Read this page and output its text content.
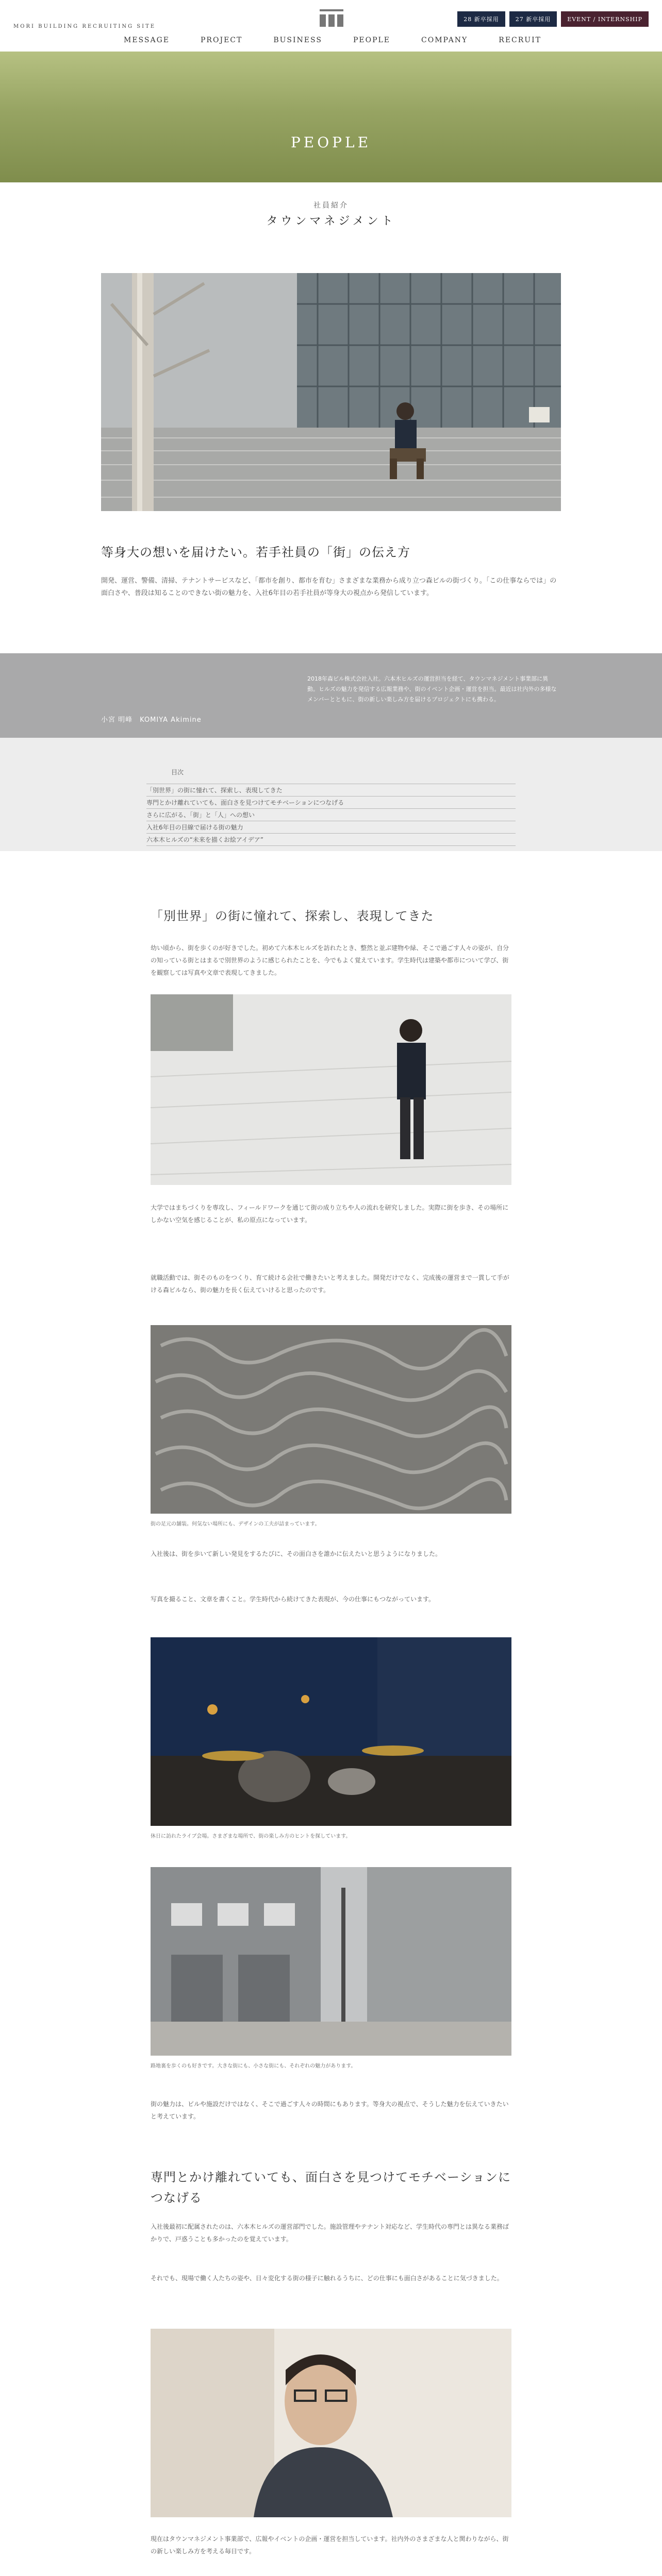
MORI BUILDING RECRUITING SITE
MESSAGE	PROJECT	BUSINESS	PEOPLE	COMPANY	RECRUIT
28 新卒採用	27 新卒採用	EVENT / INTERNSHIP
PEOPLE
社員紹介
タウンマネジメント
等身大の想いを届けたい。若手社員の「街」の伝え方
開発、運営、警備、清掃、テナントサービスなど、「都市を創り、都市を育む」さまざまな業務から成り立つ森ビルの街づくり。「この仕事ならでは」の面白さや、普段は知ることのできない街の魅力を、入社6年目の若手社員が等身大の視点から発信しています。
小宮 明峰　KOMIYA Akimine
2018年森ビル株式会社入社。六本木ヒルズの運営担当を経て、タウンマネジメント事業部に異動。ヒルズの魅力を発信する広報業務や、街のイベント企画・運営を担当。最近は社内外の多様なメンバーとともに、街の新しい楽しみ方を届けるプロジェクトにも携わる。
目次
「別世界」の街に憧れて、探索し、表現してきた
専門とかけ離れていても、面白さを見つけてモチベーションにつなげる
さらに広がる、「街」と「人」への想い
入社6年目の目線で届ける街の魅力
六本木ヒルズの“未来を描くお絵アイデア”
「別世界」の街に憧れて、探索し、表現してきた
幼い頃から、街を歩くのが好きでした。初めて六本木ヒルズを訪れたとき、整然と並ぶ建物や緑、そこで過ごす人々の姿が、自分の知っている街とはまるで別世界のように感じられたことを、今でもよく覚えています。学生時代は建築や都市について学び、街を観察しては写真や文章で表現してきました。
大学ではまちづくりを専攻し、フィールドワークを通じて街の成り立ちや人の流れを研究しました。実際に街を歩き、その場所にしかない空気を感じることが、私の原点になっています。
就職活動では、街そのものをつくり、育て続ける会社で働きたいと考えました。開発だけでなく、完成後の運営まで一貫して手がける森ビルなら、街の魅力を長く伝えていけると思ったのです。
街の足元の舗装。何気ない場所にも、デザインの工夫が詰まっています。
入社後は、街を歩いて新しい発見をするたびに、その面白さを誰かに伝えたいと思うようになりました。
写真を撮ること、文章を書くこと。学生時代から続けてきた表現が、今の仕事にもつながっています。
休日に訪れたライブ会場。さまざまな場所で、街の楽しみ方のヒントを探しています。
路地裏を歩くのも好きです。大きな街にも、小さな街にも、それぞれの魅力があります。
街の魅力は、ビルや施設だけではなく、そこで過ごす人々の時間にもあります。等身大の視点で、そうした魅力を伝えていきたいと考えています。
専門とかけ離れていても、面白さを見つけてモチベーションにつなげる
入社後最初に配属されたのは、六本木ヒルズの運営部門でした。施設管理やテナント対応など、学生時代の専門とは異なる業務ばかりで、戸惑うことも多かったのを覚えています。
それでも、現場で働く人たちの姿や、日々変化する街の様子に触れるうちに、どの仕事にも面白さがあることに気づきました。
現在はタウンマネジメント事業部で、広報やイベントの企画・運営を担当しています。社内外のさまざまな人と関わりながら、街の新しい楽しみ方を考える毎日です。
